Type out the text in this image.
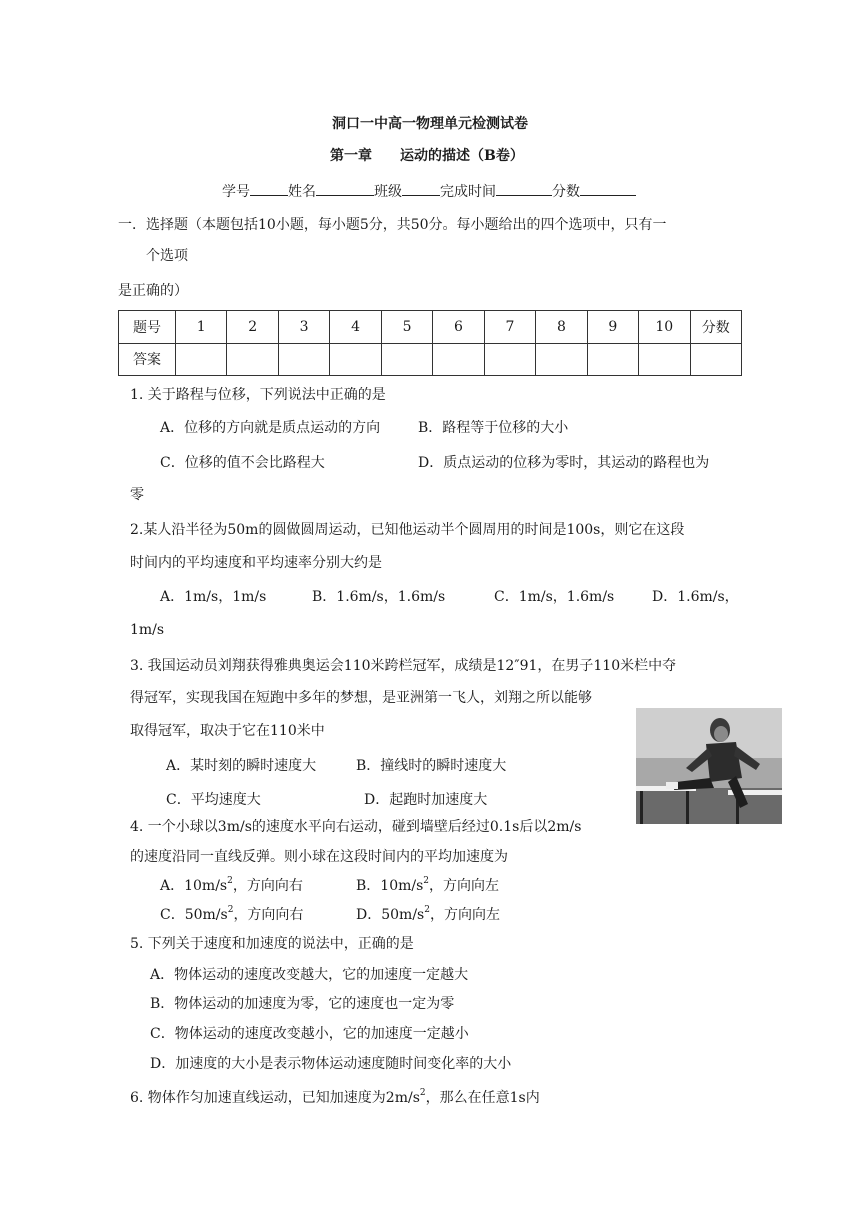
洞口一中高一物理单元检测试卷
第一章　　运动的描述（B卷）
学号	姓名	班级	完成时间	分数
一．选择题（本题包括10小题，每小题5分，共50分。每小题给出的四个选项中，只有一
个选项
是正确的）
题号	1	2	3	4	5	6	7	8	9	10	分数
答案											
1. 关于路程与位移，下列说法中正确的是
A．位移的方向就是质点运动的方向	B．路程等于位移的大小
C．位移的值不会比路程大	D．质点运动的位移为零时，其运动的路程也为
零
2.某人沿半径为50m的圆做圆周运动，已知他运动半个圆周用的时间是100s，则它在这段
时间内的平均速度和平均速率分别大约是
A．1m/s，1m/s	B．1.6m/s，1.6m/s	C．1m/s，1.6m/s	D．1.6m/s，
1m/s
3. 我国运动员刘翔获得雅典奥运会110米跨栏冠军，成绩是12″91，在男子110米栏中夺
得冠军，实现我国在短跑中多年的梦想，是亚洲第一飞人，刘翔之所以能够
取得冠军，取决于它在110米中
A．某时刻的瞬时速度大	B．撞线时的瞬时速度大
C．平均速度大	D．起跑时加速度大
4. 一个小球以3m/s的速度水平向右运动，碰到墙壁后经过0.1s后以2m/s
的速度沿同一直线反弹。则小球在这段时间内的平均加速度为
A．$10m/s^2$，方向向右	B．$10m/s^2$，方向向左
C．$50m/s^2$，方向向右	D．$50m/s^2$，方向向左
5. 下列关于速度和加速度的说法中，正确的是
A．物体运动的速度改变越大，它的加速度一定越大
B．物体运动的加速度为零，它的速度也一定为零
C．物体运动的速度改变越小，它的加速度一定越小
D．加速度的大小是表示物体运动速度随时间变化率的大小
6. 物体作匀加速直线运动，已知加速度为$2m/s^2$，那么在任意1s内
